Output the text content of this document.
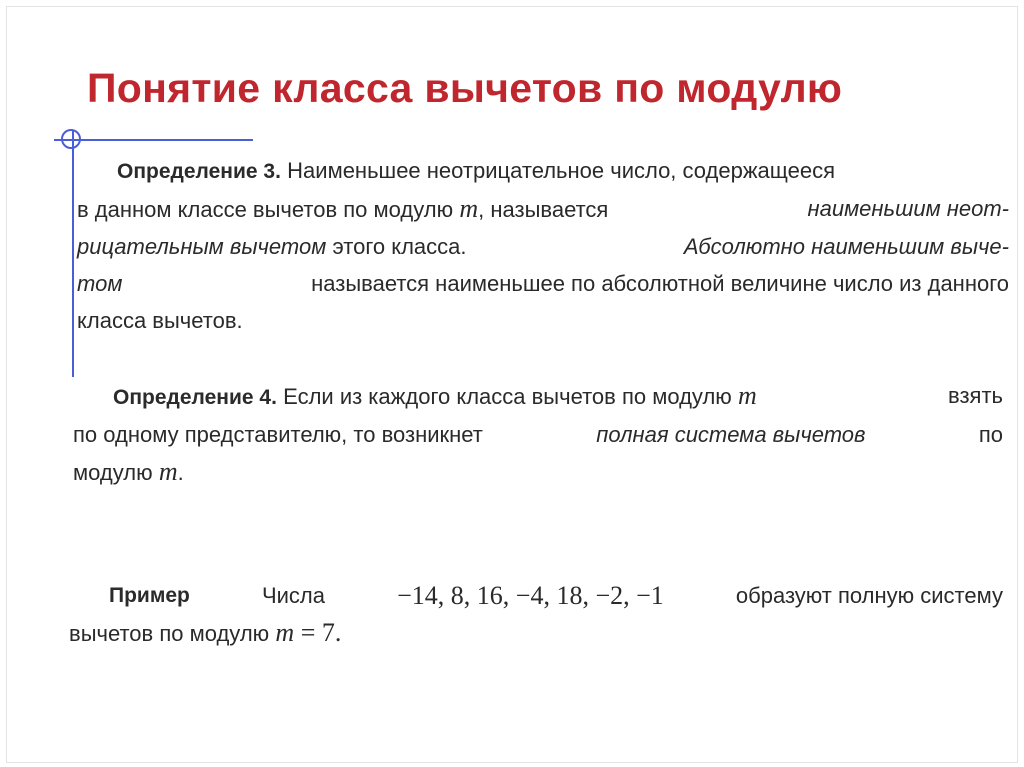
Понятие класса вычетов по модулю
Определение 3. Наименьшее неотрицательное число, содержащееся
в данном классе вычетов по модулю m, называется	наименьшим неот-
рицательным вычетом этого класса.	Абсолютно наименьшим выче-
том	называется наименьшее по абсолютной величине число из данного
класса вычетов.
Определение 4. Если из каждого класса вычетов по модулю m	взять
по одному представителю, то возникнет	полная система вычетов	по
модулю m.
Пример	Числа	−14, 8, 16, −4, 18, −2, −1	образуют полную систему
вычетов по модулю m = 7.
